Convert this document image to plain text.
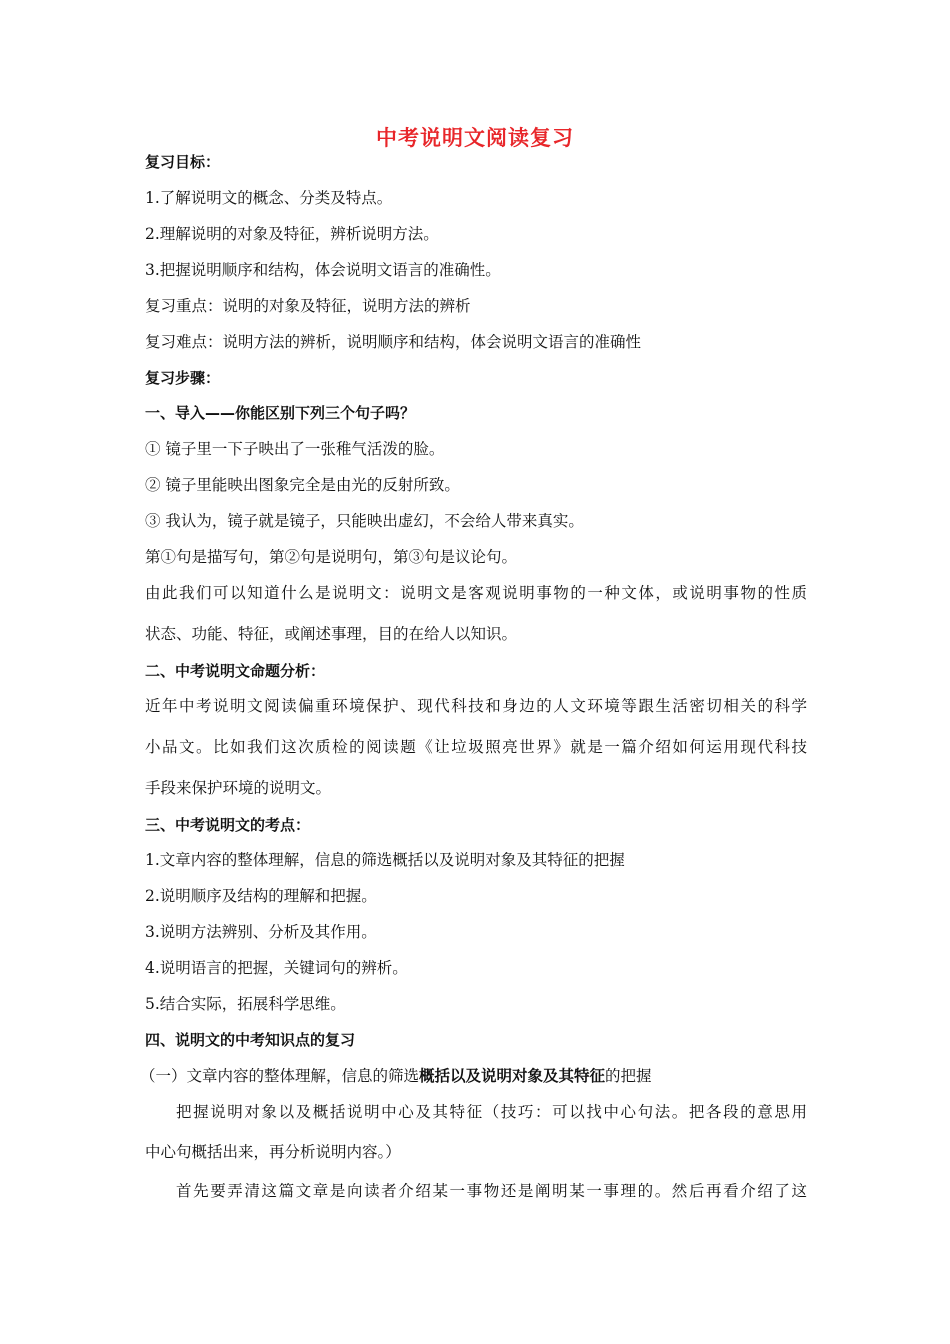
中考说明文阅读复习
复习目标：
1.了解说明文的概念、分类及特点。
2.理解说明的对象及特征，辨析说明方法。
3.把握说明顺序和结构，体会说明文语言的准确性。
复习重点：说明的对象及特征，说明方法的辨析
复习难点：说明方法的辨析，说明顺序和结构，体会说明文语言的准确性
复习步骤：
一、导入——你能区别下列三个句子吗？
① 镜子里一下子映出了一张稚气活泼的脸。
② 镜子里能映出图象完全是由光的反射所致。
③ 我认为，镜子就是镜子，只能映出虚幻，不会给人带来真实。
第①句是描写句，第②句是说明句，第③句是议论句。
由此我们可以知道什么是说明文：说明文是客观说明事物的一种文体，或说明事物的性质
状态、功能、特征，或阐述事理，目的在给人以知识。
二、中考说明文命题分析：
近年中考说明文阅读偏重环境保护、现代科技和身边的人文环境等跟生活密切相关的科学
小品文。比如我们这次质检的阅读题《让垃圾照亮世界》就是一篇介绍如何运用现代科技
手段来保护环境的说明文。
三、中考说明文的考点：
1.文章内容的整体理解，信息的筛选概括以及说明对象及其特征的把握
2.说明顺序及结构的理解和把握。
3.说明方法辨别、分析及其作用。
4.说明语言的把握，关键词句的辨析。
5.结合实际，拓展科学思维。
四、说明文的中考知识点的复习
（一）文章内容的整体理解，信息的筛选概括以及说明对象及其特征的把握
把握说明对象以及概括说明中心及其特征（技巧：可以找中心句法。把各段的意思用
中心句概括出来，再分析说明内容。）
首先要弄清这篇文章是向读者介绍某一事物还是阐明某一事理的。然后再看介绍了这
